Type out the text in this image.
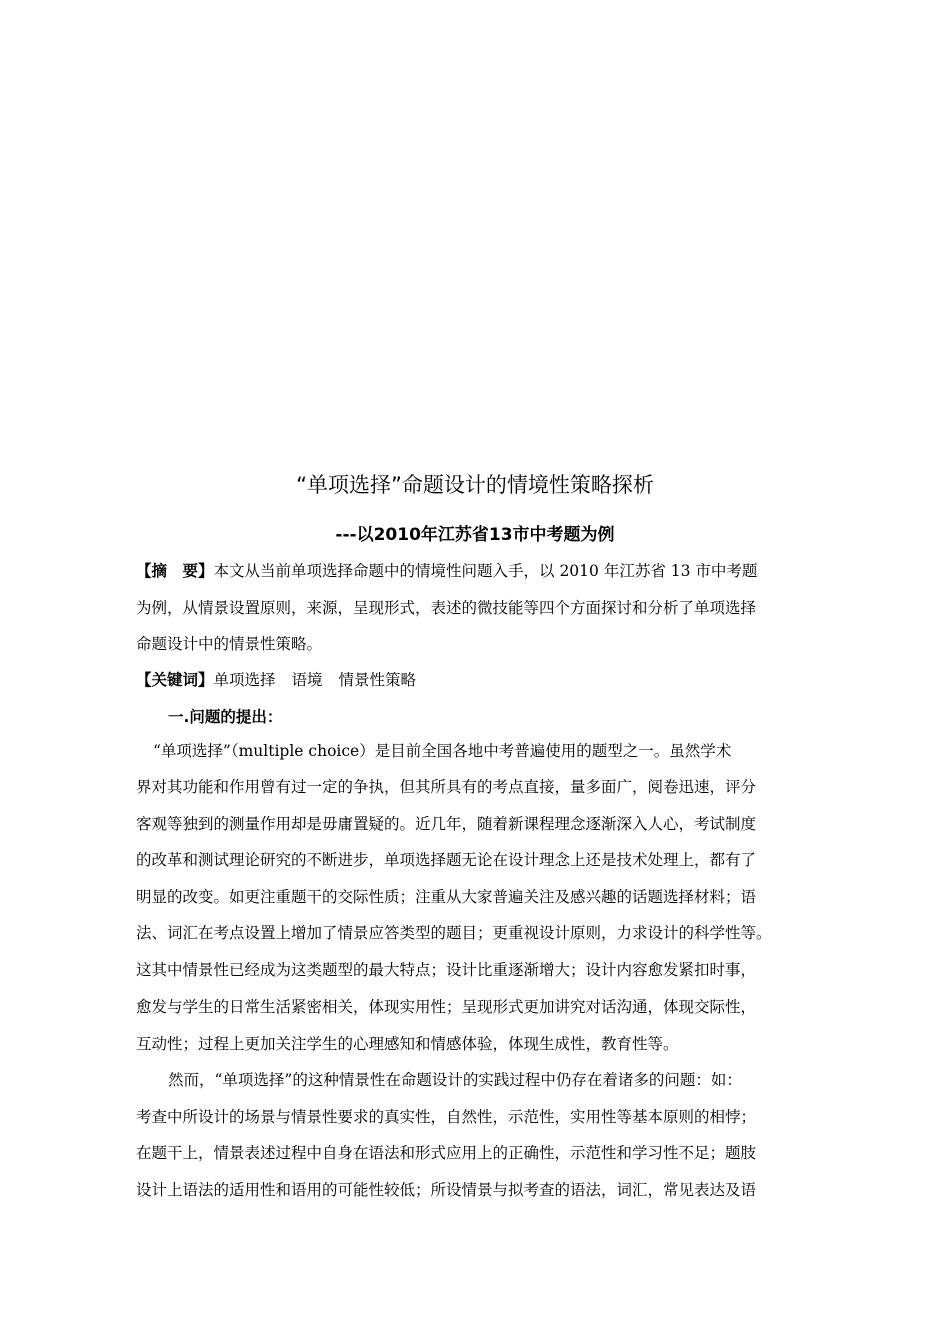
“单项选择”命题设计的情境性策略探析
---以2010年江苏省13市中考题为例
【摘　要】本文从当前单项选择命题中的情境性问题入手，以 2010 年江苏省 13 市中考题
为例，从情景设置原则，来源，呈现形式，表述的微技能等四个方面探讨和分析了单项选择
命题设计中的情景性策略。
【关键词】单项选择 语境 情景性策略
一.问题的提出：
“单项选择”（multiple choice）是目前全国各地中考普遍使用的题型之一。虽然学术
界对其功能和作用曾有过一定的争执，但其所具有的考点直接，量多面广，阅卷迅速，评分
客观等独到的测量作用却是毋庸置疑的。近几年，随着新课程理念逐渐深入人心，考试制度
的改革和测试理论研究的不断进步，单项选择题无论在设计理念上还是技术处理上，都有了
明显的改变。如更注重题干的交际性质；注重从大家普遍关注及感兴趣的话题选择材料；语
法、词汇在考点设置上增加了情景应答类型的题目；更重视设计原则，力求设计的科学性等。
这其中情景性已经成为这类题型的最大特点；设计比重逐渐增大；设计内容愈发紧扣时事，
愈发与学生的日常生活紧密相关，体现实用性；呈现形式更加讲究对话沟通，体现交际性，
互动性；过程上更加关注学生的心理感知和情感体验，体现生成性，教育性等。
然而，“单项选择”的这种情景性在命题设计的实践过程中仍存在着诸多的问题：如：
考查中所设计的场景与情景性要求的真实性，自然性，示范性，实用性等基本原则的相悖；
在题干上，情景表述过程中自身在语法和形式应用上的正确性，示范性和学习性不足；题肢
设计上语法的适用性和语用的可能性较低；所设情景与拟考查的语法，词汇，常见表达及语
